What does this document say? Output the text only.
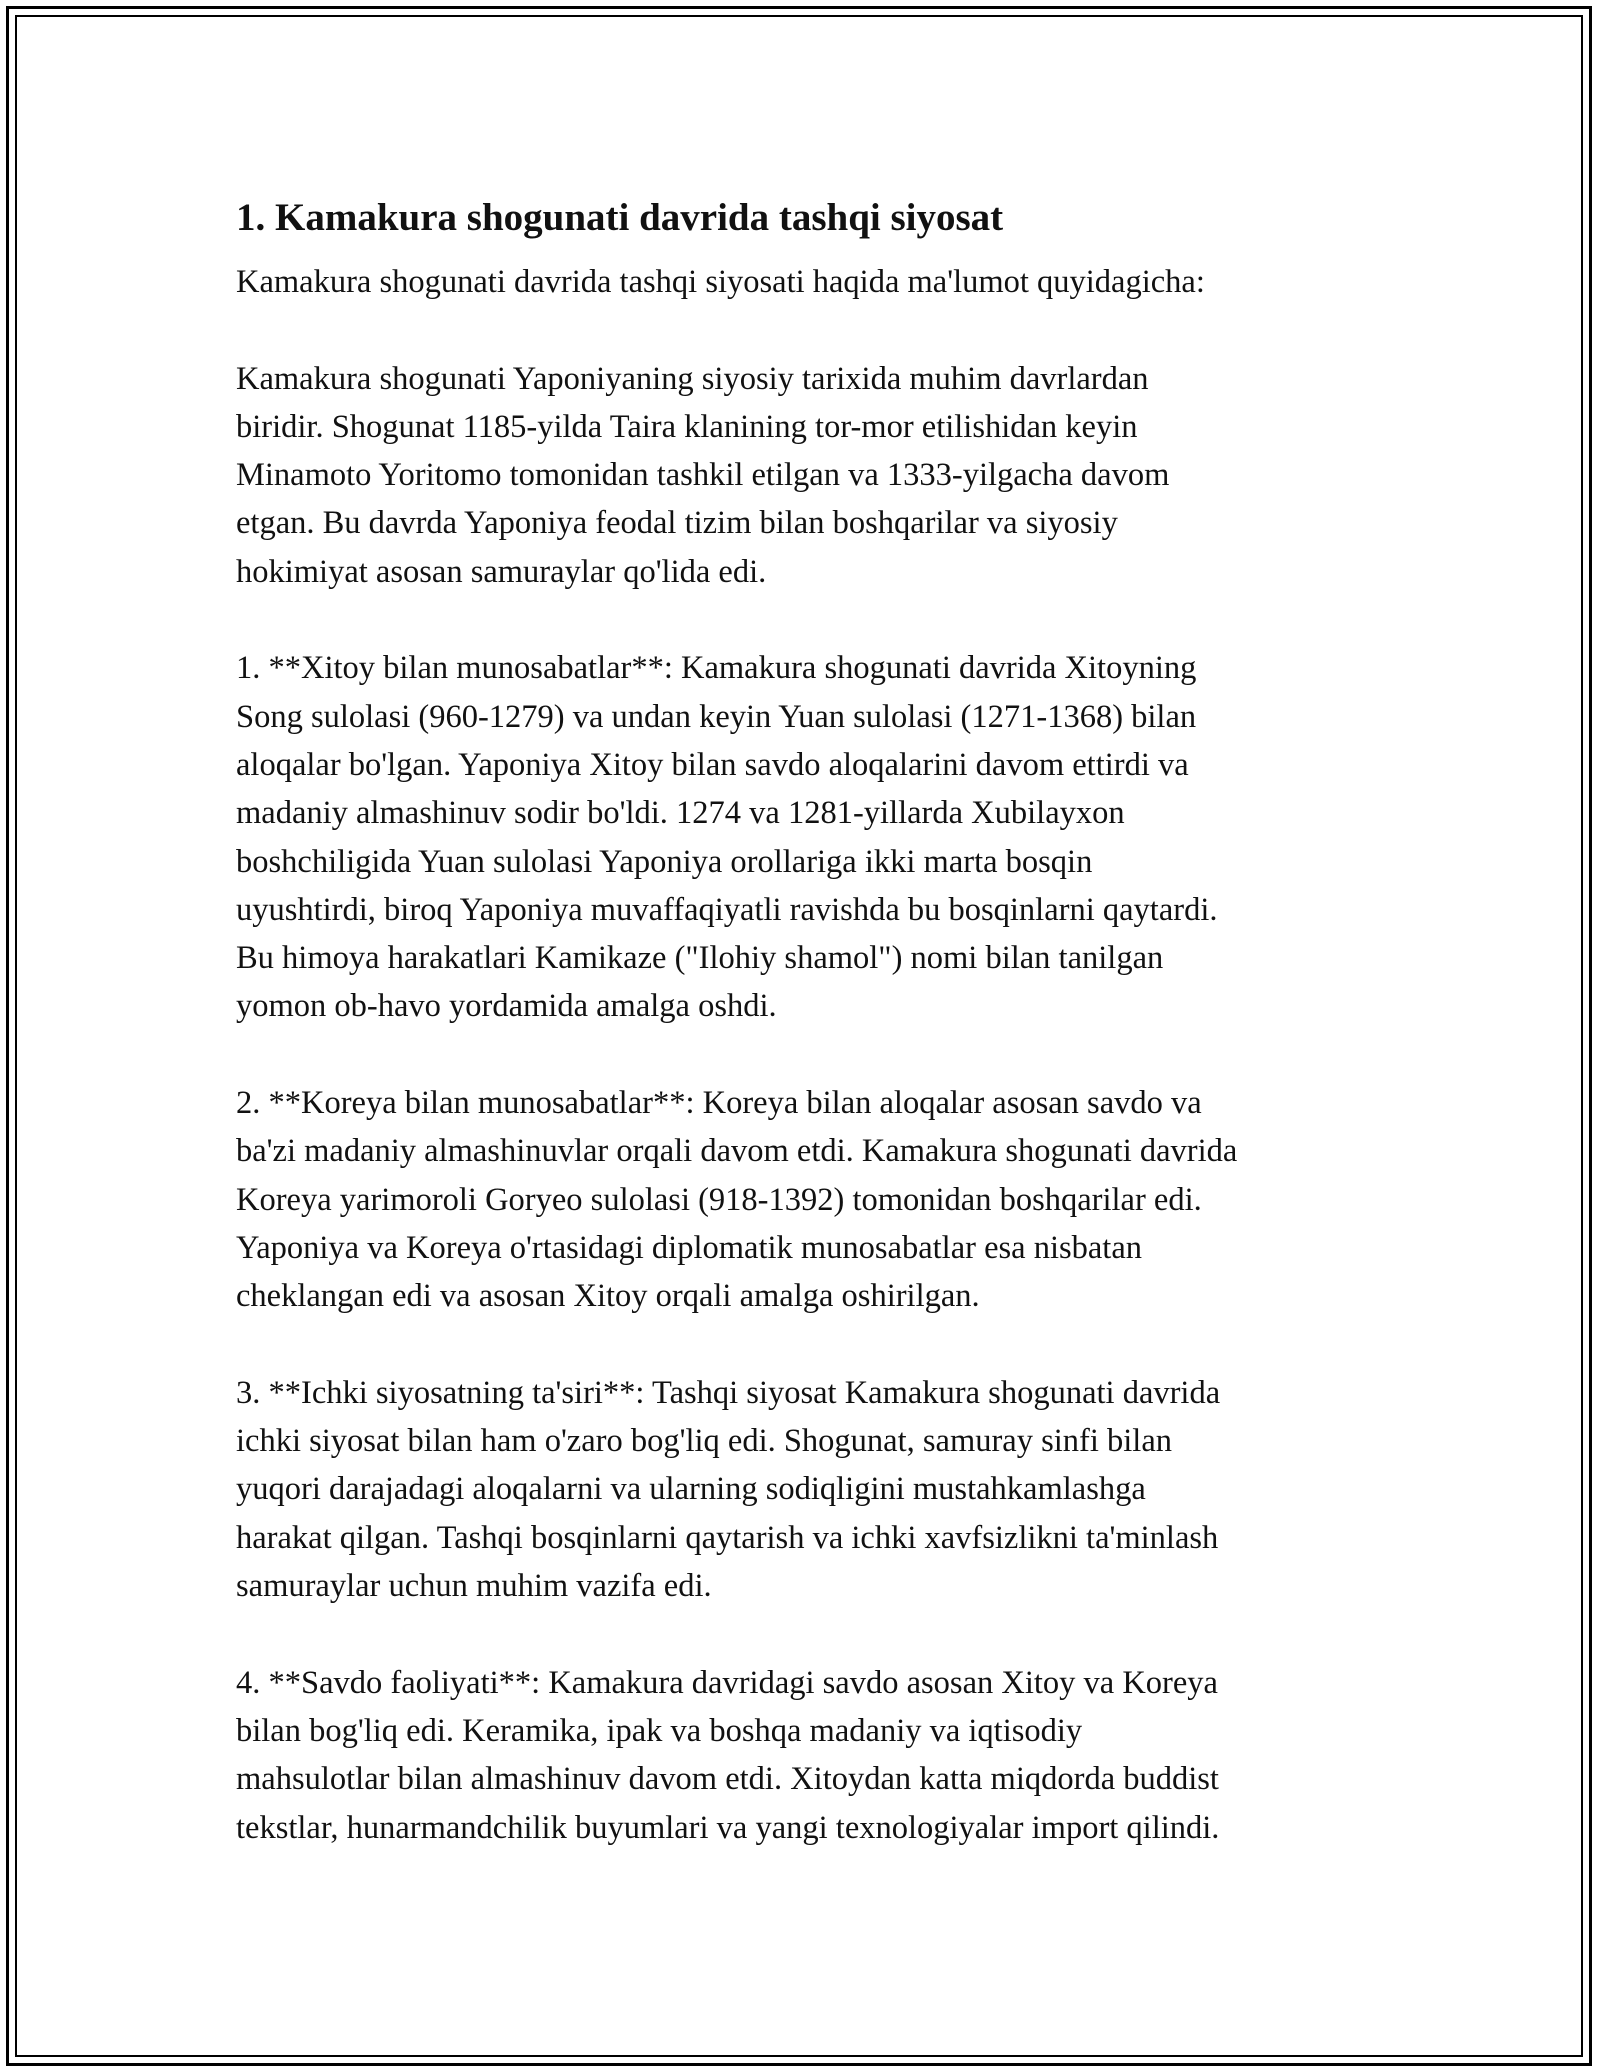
1. Kamakura shogunati davrida tashqi siyosat
Kamakura shogunati davrida tashqi siyosati haqida ma'lumot quyidagicha:
Kamakura shogunati Yaponiyaning siyosiy tarixida muhim davrlardan
biridir. Shogunat 1185-yilda Taira klanining tor-mor etilishidan keyin
Minamoto Yoritomo tomonidan tashkil etilgan va 1333-yilgacha davom
etgan. Bu davrda Yaponiya feodal tizim bilan boshqarilar va siyosiy
hokimiyat asosan samuraylar qo'lida edi.
1. **Xitoy bilan munosabatlar**: Kamakura shogunati davrida Xitoyning
Song sulolasi (960-1279) va undan keyin Yuan sulolasi (1271-1368) bilan
aloqalar bo'lgan. Yaponiya Xitoy bilan savdo aloqalarini davom ettirdi va
madaniy almashinuv sodir bo'ldi. 1274 va 1281-yillarda Xubilayxon
boshchiligida Yuan sulolasi Yaponiya orollariga ikki marta bosqin
uyushtirdi, biroq Yaponiya muvaffaqiyatli ravishda bu bosqinlarni qaytardi.
Bu himoya harakatlari Kamikaze ("Ilohiy shamol") nomi bilan tanilgan
yomon ob-havo yordamida amalga oshdi.
2. **Koreya bilan munosabatlar**: Koreya bilan aloqalar asosan savdo va
ba'zi madaniy almashinuvlar orqali davom etdi. Kamakura shogunati davrida
Koreya yarimoroli Goryeo sulolasi (918-1392) tomonidan boshqarilar edi.
Yaponiya va Koreya o'rtasidagi diplomatik munosabatlar esa nisbatan
cheklangan edi va asosan Xitoy orqali amalga oshirilgan.
3. **Ichki siyosatning ta'siri**: Tashqi siyosat Kamakura shogunati davrida
ichki siyosat bilan ham o'zaro bog'liq edi. Shogunat, samuray sinfi bilan
yuqori darajadagi aloqalarni va ularning sodiqligini mustahkamlashga
harakat qilgan. Tashqi bosqinlarni qaytarish va ichki xavfsizlikni ta'minlash
samuraylar uchun muhim vazifa edi.
4. **Savdo faoliyati**: Kamakura davridagi savdo asosan Xitoy va Koreya
bilan bog'liq edi. Keramika, ipak va boshqa madaniy va iqtisodiy
mahsulotlar bilan almashinuv davom etdi. Xitoydan katta miqdorda buddist
tekstlar, hunarmandchilik buyumlari va yangi texnologiyalar import qilindi.
